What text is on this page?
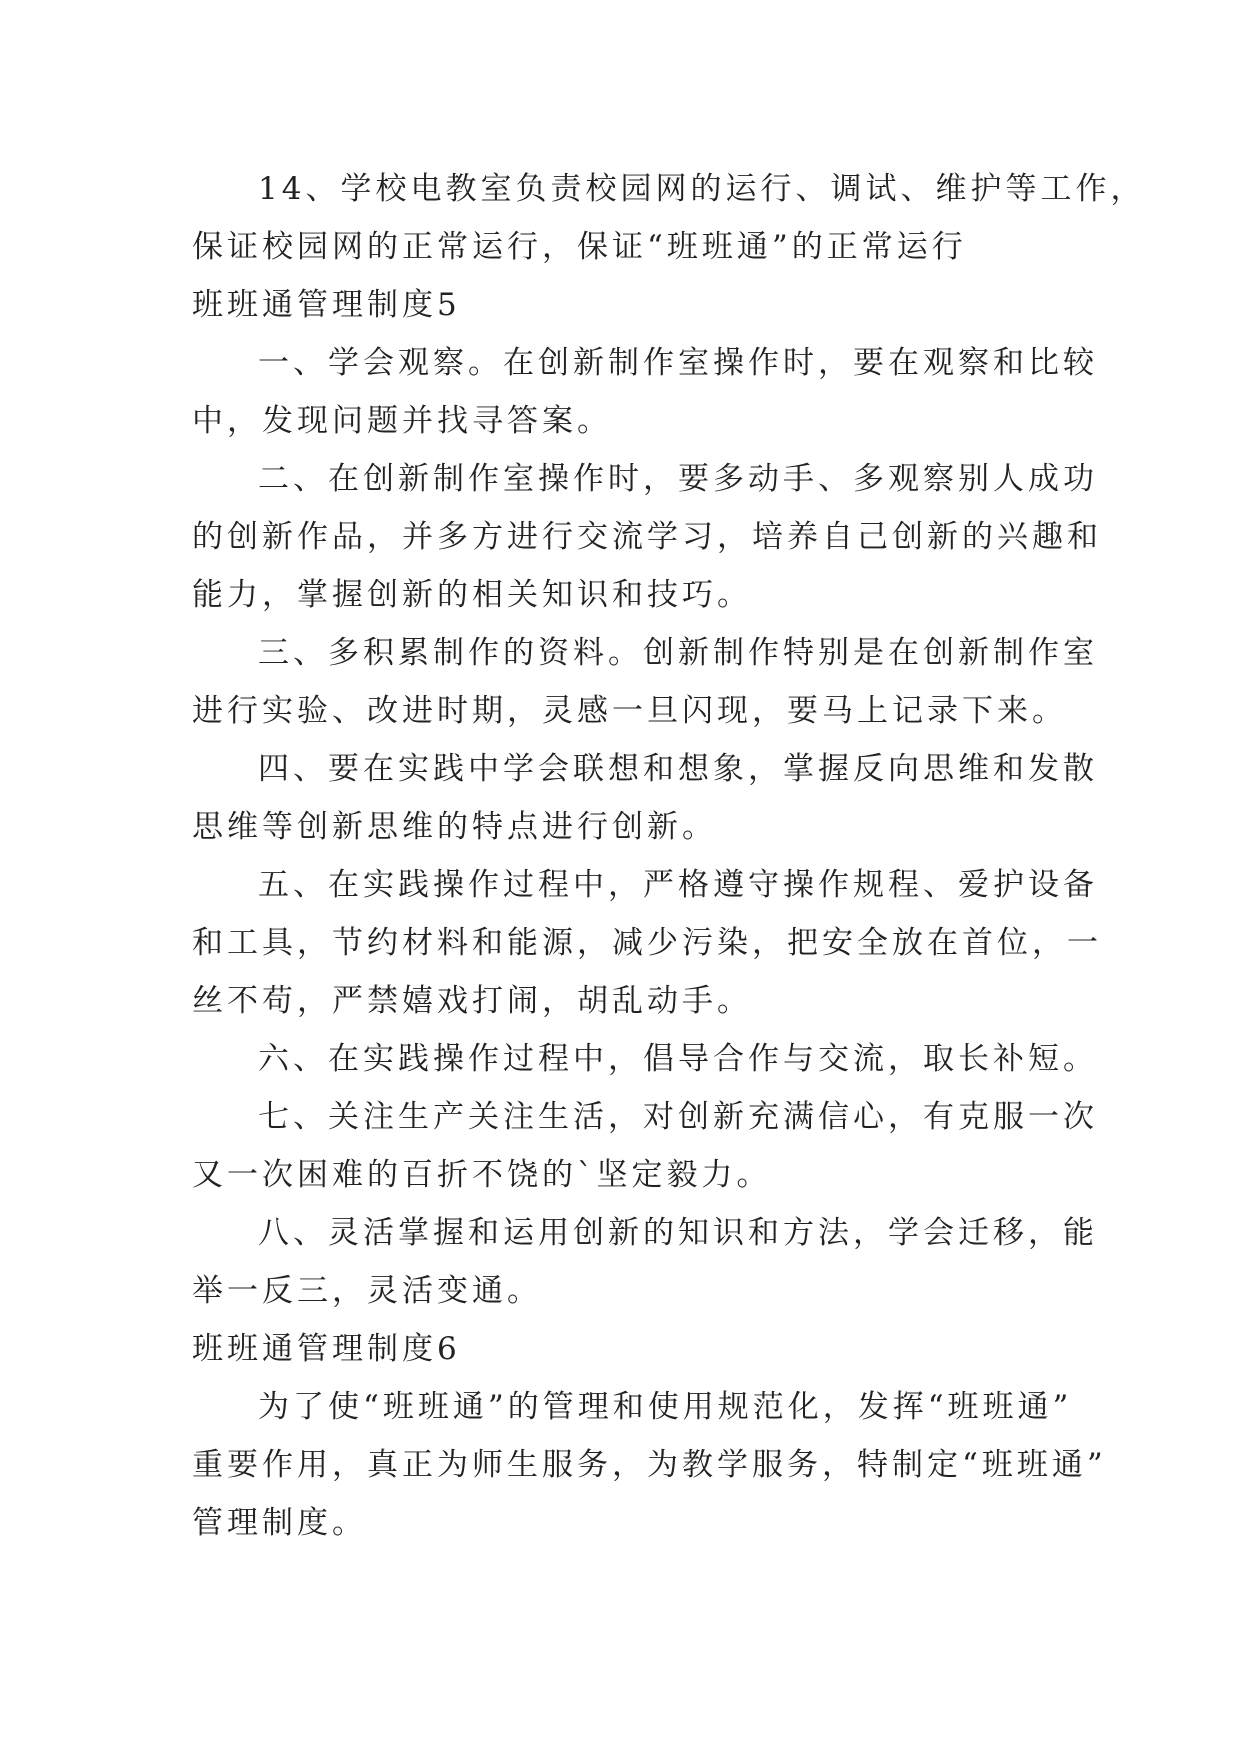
14、学校电教室负责校园网的运行、调试、维护等工作，
保证校园网的正常运行，保证“班班通”的正常运行
班班通管理制度5
一、学会观察。在创新制作室操作时，要在观察和比较
中，发现问题并找寻答案。
二、在创新制作室操作时，要多动手、多观察别人成功
的创新作品，并多方进行交流学习，培养自己创新的兴趣和
能力，掌握创新的相关知识和技巧。
三、多积累制作的资料。创新制作特别是在创新制作室
进行实验、改进时期，灵感一旦闪现，要马上记录下来。
四、要在实践中学会联想和想象，掌握反向思维和发散
思维等创新思维的特点进行创新。
五、在实践操作过程中，严格遵守操作规程、爱护设备
和工具，节约材料和能源，减少污染，把安全放在首位，一
丝不苟，严禁嬉戏打闹，胡乱动手。
六、在实践操作过程中，倡导合作与交流，取长补短。
七、关注生产关注生活，对创新充满信心，有克服一次
又一次困难的百折不饶的`坚定毅力。
八、灵活掌握和运用创新的知识和方法，学会迁移，能
举一反三，灵活变通。
班班通管理制度6
为了使“班班通”的管理和使用规范化，发挥“班班通”
重要作用，真正为师生服务，为教学服务，特制定“班班通”
管理制度。
